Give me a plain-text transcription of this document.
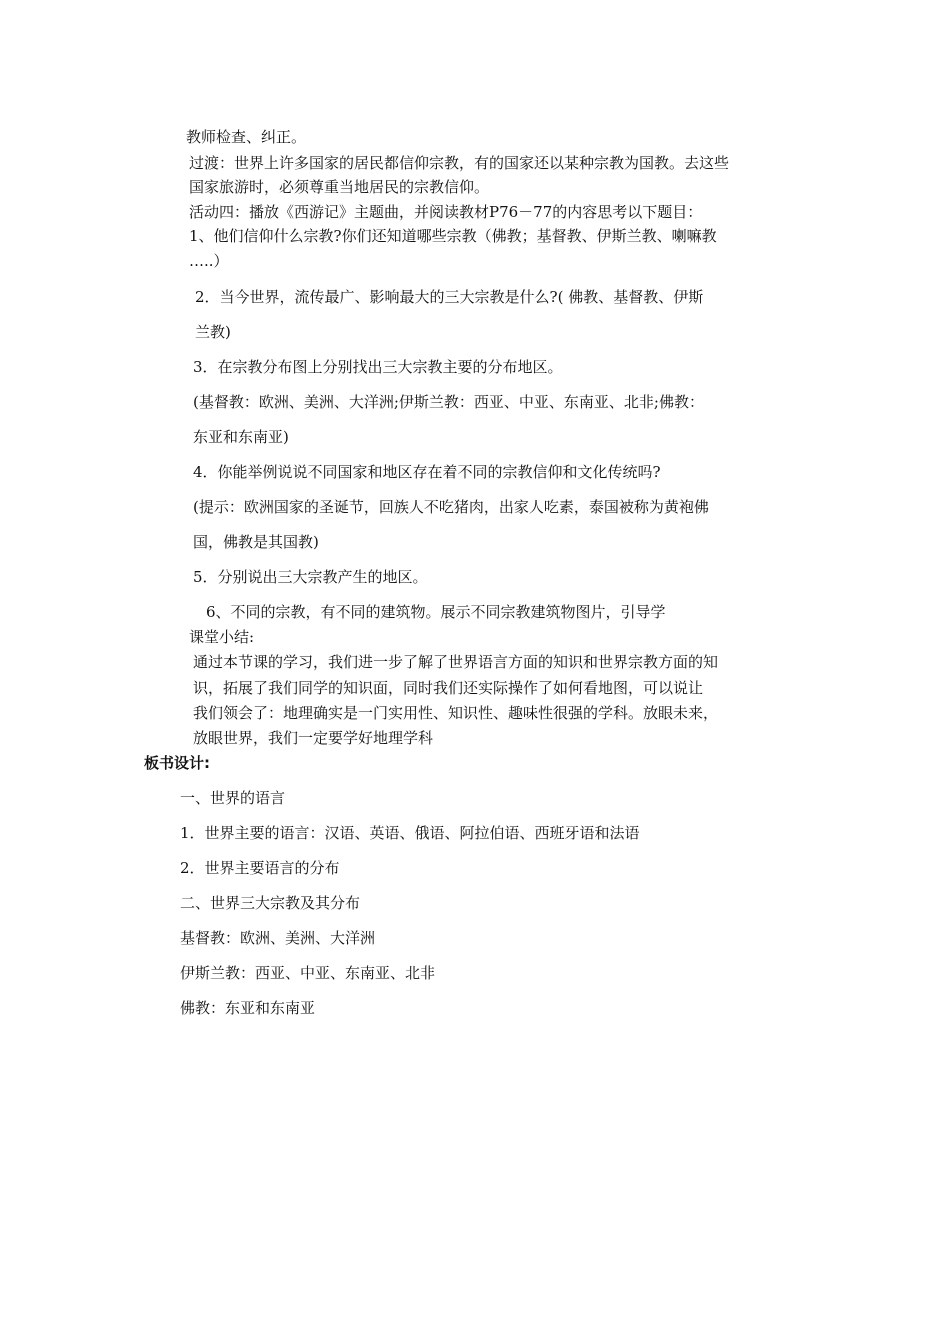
教师检查、纠正。
过渡：世界上许多国家的居民都信仰宗教，有的国家还以某种宗教为国教。去这些
国家旅游时，必须尊重当地居民的宗教信仰。
活动四：播放《西游记》主题曲，并阅读教材P76－77的内容思考以下题目：
1、他们信仰什么宗教?你们还知道哪些宗教（佛教；基督教、伊斯兰教、喇嘛教
…..）
2．当今世界，流传最广、影响最大的三大宗教是什么?( 佛教、基督教、伊斯
兰教)
3．在宗教分布图上分别找出三大宗教主要的分布地区。
(基督教：欧洲、美洲、大洋洲;伊斯兰教：西亚、中亚、东南亚、北非;佛教：
东亚和东南亚)
4．你能举例说说不同国家和地区存在着不同的宗教信仰和文化传统吗?
(提示：欧洲国家的圣诞节，回族人不吃猪肉，出家人吃素，泰国被称为黄袍佛
国，佛教是其国教)
5．分别说出三大宗教产生的地区。
6、不同的宗教，有不同的建筑物。展示不同宗教建筑物图片，引导学
课堂小结:
通过本节课的学习，我们进一步了解了世界语言方面的知识和世界宗教方面的知
识，拓展了我们同学的知识面，同时我们还实际操作了如何看地图，可以说让
我们领会了：地理确实是一门实用性、知识性、趣味性很强的学科。放眼未来，
放眼世界，我们一定要学好地理学科
板书设计:
一、世界的语言
1．世界主要的语言：汉语、英语、俄语、阿拉伯语、西班牙语和法语
2．世界主要语言的分布
二、世界三大宗教及其分布
基督教：欧洲、美洲、大洋洲
伊斯兰教：西亚、中亚、东南亚、北非
佛教：东亚和东南亚
